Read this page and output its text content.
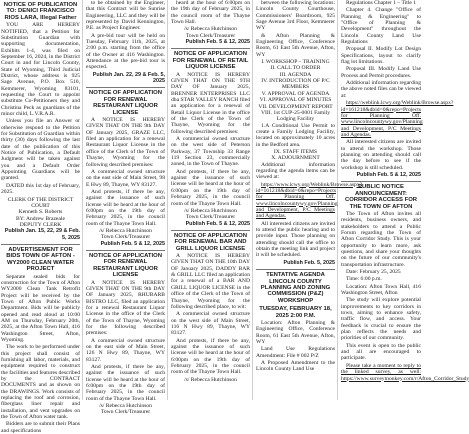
NOTICE OF PUBLICATION TO: DENICI FRANCISCO RIOS LARA, Illegal Father

YOU ARE HEREBY NOTIFIED, that a Petition for Substitution Guardian with supporting documentation, Exhibits 1-4, was filed on September 16, 2024, in the District Court in and for Lincoln County, State of Wyoming, Third Judicial District, whose address is 925 Sage Avenue, P.O. Box 510, Kemmerer, Wyoming 83101, requesting the Court to appoint substitute Co-Petitioners they and Christina Peck as guardians of the minor child, L.V.R.A.R.

Unless you file an Answer or otherwise respond to the Petition for Substitution of Guardian within thirty (30) days following the last date of the publication of this Notice of Publication, a Default Judgment will be taken against you and a Default Order Appointing Guardians will be granted.

DATED this 1st day of February, 2025.

CLERK OF THE DISTRICT COURT

Kenneth S. Roberts

BY: Andrew Brazeale

DEPUTY CLERK

Publish Jan. 15, 22, 29 & Feb. 5, 2025

ADVERTISEMENT FOR BIDS TOWN OF AFTON - WY2000 CLEAN WATER PROJECT

Separate sealed bids for construction for the Town of Afton WY2000 Clean Tank Retrofit Project will be received by the Town of Afton Public Works Department. Bids will be publicly opened and read aloud at 10:00 AM on Thursday, February 20th, 2025, at the Afton Town Hall, 416 Washington Street, Afton, Wyoming.

The work to be performed under this project shall consist of furnishing all labor, materials, and equipment required to construct the facilities and features described by the CONTRACT DOCUMENTS and as shown on the DRAWINGS. Work consists of replacing the roof and corrosion, fiberglass liner repair and installation, and vent upgrades on the Town of Afton water tank.

Bidders are to submit their Plans and specifications

to be obtained by the Engineer, that this Contract will be Sunrise Engineering, LLC and they will be represented by David Kennington, P.E. as Project Engineer.

A pre-bid tour will be held on Tuesday, February 11th, 2025, at 2:00 p.m. starting from the office of the Owner at 416 Washington. Attendance at the pre-bid tour is expected.

Publish Jan. 22, 29 & Feb. 5, 2025

NOTICE OF APPLICATION FOR RENEWAL RESTAURANT LIQUOR LICENSE

A NOTICE IS HEREBY GIVEN THAT ON THE 9th DAY OF January 2025, GRAZE LLC, filed an application for a renewal Restaurant Liquor License in the office of the Clerk of the Town of Thayne, Wyoming for the following described premises:

A commercial owned structure on the east side of Main Street, 98 E Hwy 89, Thayne, WY 83127.

And protests, if there be any, against the issuance of such license will be heard at the hour of 6:00pm on the 19th day of February 2025, in the council room of the Thayne Town Hall.

/s/ Rebecca Hutchinson

Town Clerk/Treasurer

Publish Feb. 5 & 12, 2025

NOTICE OF APPLICATION FOR RENEWAL RESTAURANT LIQUOR LICENSE

A NOTICE IS HEREBY GIVEN THAT ON THE 9th DAY OF January 2025, RHUBARB BISTRO LLC, filed an application for a renewal Restaurant Liquor License in the office of the Clerk of the Town of Thayne, Wyoming for the following described premises:

A commercial owned structure on the east side of Main Street, 126 N Hwy 89, Thayne, WY 83127.

And protests, if there be any, against the issuance of such license will be heard at the hour of 6:00pm on the 19th day of February 2025, in the council room of the Thayne Town Hall.

/s/ Rebecca Hutchinson

Town Clerk/Treasurer

heard at the hour of 6:00pm on the 19th day of February 2025, in the council room of the Thayne Town Hall.

/s/ Rebecca Hutchinson

Town Clerk/Treasurer

Publish Feb. 5 & 12, 2025

NOTICE OF APPLICATION FOR RENEWAL OF RETAIL LIQUOR LICENSE

A NOTICE IS HEREBY GIVEN THAT ON THE 9TH DAY OF January 2025, BRENNER ENTERPRISES LLC dba STAR VALLEY RANCH filed an application for a renewal of Retail Liquor License in the office of the Clerk of the Town of Thayne, Wyoming for the following described premises:

A commercial owned structure on the west side of Peterson Parkway, 37 Township 33 Range 119 Section 23, commercially zoned, in the Town of Thayne.

And protests, if there be any, against the issuance of such license will be heard at the hour of 6:00pm on the 19th day of February 2025, in the council room of the Thayne Town Hall.

/s/ Rebecca Hutchinson

Town Clerk/Treasurer

Publish Feb. 5 & 12, 2025

NOTICE OF APPLICATION FOR RENEWAL BAR AND GRILL LIQUOR LICENSE

A NOTICE IS HEREBY GIVEN THAT ON THE 10th DAY OF January 2025, DADDY BAR & GRILL LLC filed an application for a renewal of a BAR AND GRILL LIQUOR LICENSE in the office of the Clerk of the Town of Thayne, Wyoming for the following described place, to wit:

A commercial owned structure on the west side of Main Street, 116 N Hwy 89, Thayne, WY 83127.

And protests, if there be any, against the issuance of such license will be heard at the hour of 6:00pm on the 19th day of February 2025, in the council room of the Thayne Town Hall.

/s/ Rebecca Hutchinson

between the following locations: Lincoln County Courthouse, Commissioners' Boardroom, 925 Sage Avenue 3rd Floor, Kemmerer WY

& Afton Planning & Engineering Office, Conference Room, 61 East 5th Avenue, Afton, WY

I. WORKSHOP – TRAINING

II. CALL TO ORDER

III. AGENDA

IV. INTRODUCTION OF P/C MEMBERS

V. APPROVAL OF AGENDA

VI. APPROVAL OF MINUTES

VII. DEVELOPMENT REPORT

VIII. 1st CUP-25-0001 Family Lodging Facility

1.A Conditional Use Permit to create a Family Lodging Facility, located on approximately 10 acres in the Bedford area.

IX. STAFF ITEMS

X. ADJOURNMENT

Additional information regarding the agenda items can be viewed at:

https://www.lcwy.org/Weblink/Browse.aspx?id=161218&dbid=0&repo=Projects for Planning Off. www.lincolncountywy.gov/Planning and Development, P/C Meetings and Agendas.

All interested citizens are invited to attend the public hearing and to provide input. Those planning on attending should call the office to obtain the meeting link and project it will be scheduled.

Publish Feb. 5, 2025

TENTATIVE AGENDA LINCOLN COUNTY PLANNING AND ZONING COMMISSION (P&Z) WORKSHOP

TUESDAY, FEBRUARY 18, 2025 2:00 P.M.

Location: Afton Planning & Engineering Office, Conference Room, 61 East 5th Avenue, Afton, WY

Land Use Regulations Amendment: File # 002 P/Z

A Proposed Amendment to the Lincoln County Land Use

Regulations Chapter 1 – Title 1

Chapter 4. Change "Office of Planning & Engineering" to "Office of Planning & Development" throughout the Lincoln County Land Use Regulations

Proposal II. Modify Lot Design Specifications, layout to clarify flag lot limitations.

Proposal III. Modify Land Use Process and Permit procedures.

Additional information regarding the above noted files can be viewed at:

https://weblink.lcwy.org/Weblink/Browse.aspx?id=161218&dbid=0&repo=Projects for Planning Off. www.lincolncountywy.gov/Planning and Development, P/C Meetings and Agendas.

All interested citizens are invited to attend the workshop. Those planning on attending should call the day before to see if the workshop is still scheduled.

Publish Feb. 5 & 12, 2025

PUBLIC NOTICE ANNOUNCEMENT: CORRIDOR ACCESS FOR THE TOWN OF AFTON

The Town of Afton invites all residents, business owners, and stakeholders to attend a Public Forum regarding the Town of Afton Corridor Study. This is your opportunity to learn more, ask questions, and share your thoughts on the future of our community's transportation infrastructure.

Date: February 25, 2025

Time: 6:00 p.m.

Location: Afton Town Hall, 416 Washington Street, Afton

The study will explore potential improvements to key corridors in town, aiming to enhance safety, traffic flow, and access. Your feedback is crucial to ensure the plan reflects the needs and priorities of our community.

This event is open to the public and all are encouraged to participate.

Please take a moment to reply to the linked survey, as well: https://www.surveymonkey.com/r/Afton_Corridor_Study
